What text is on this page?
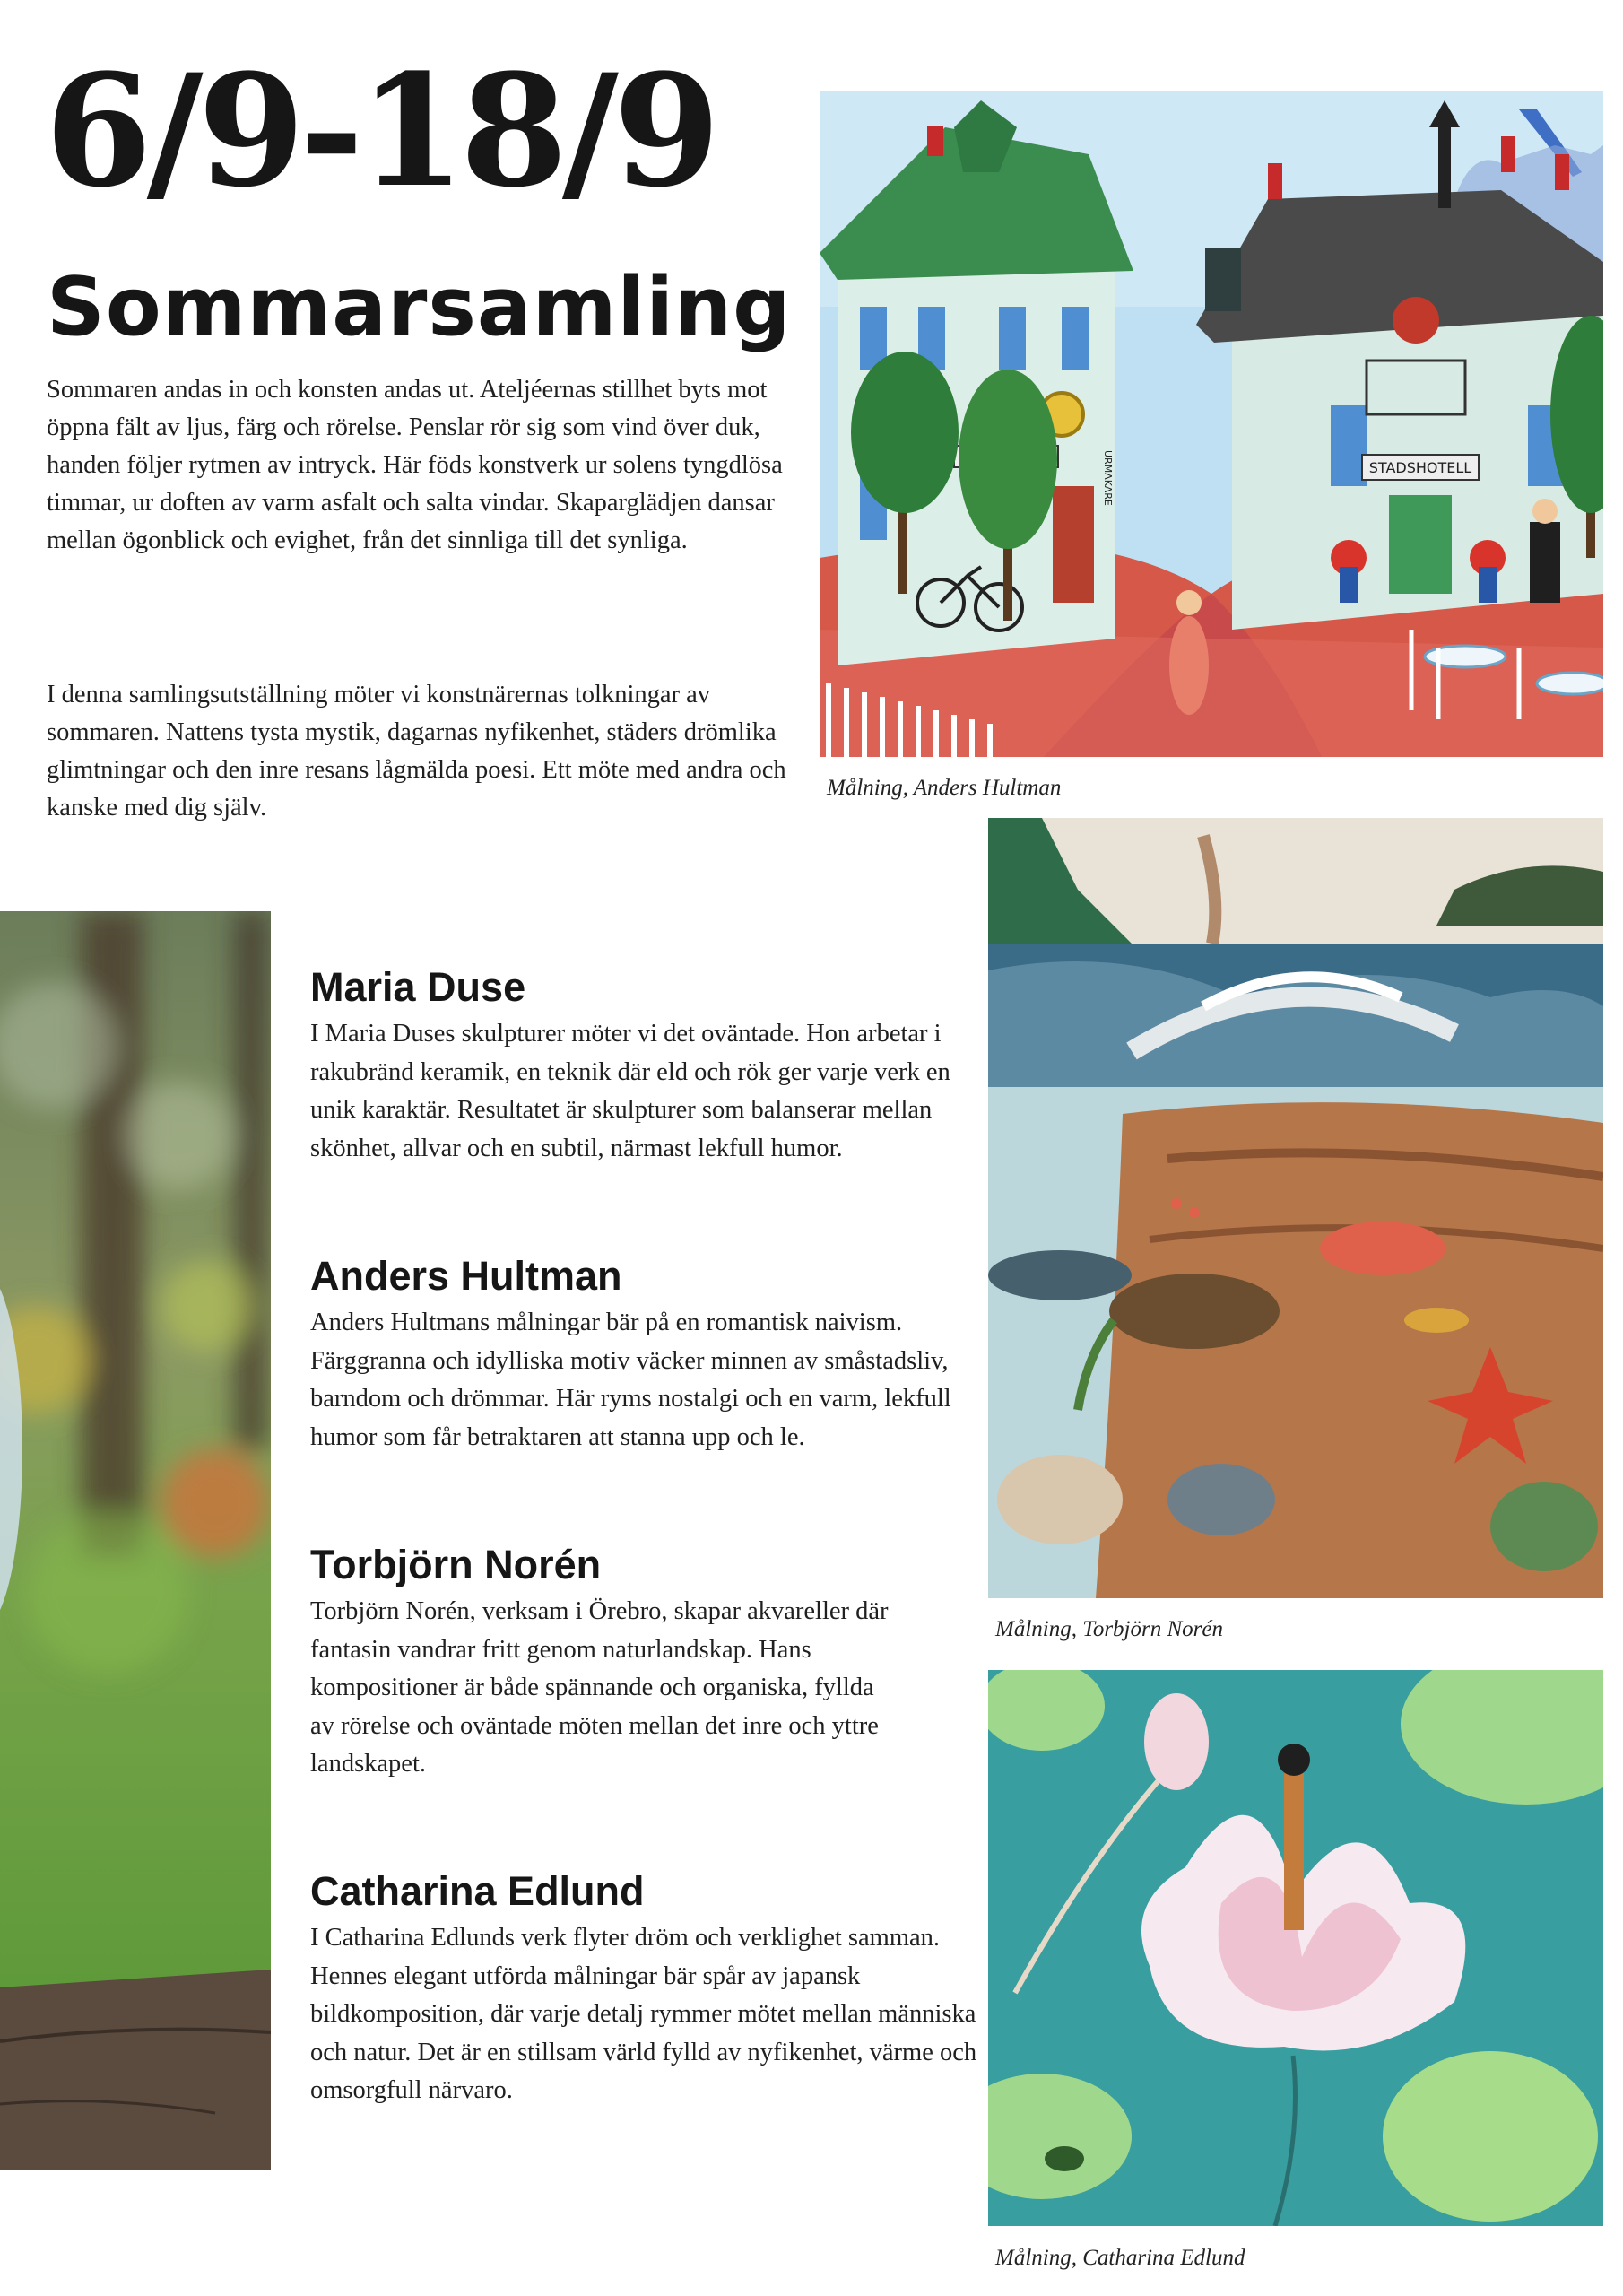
6/9-18/9
Sommarsamling

Sommaren andas in och konsten andas ut. Ateljéernas stillhet byts mot öppna fält av ljus, färg och rörelse. Penslar rör sig som vind över duk, handen följer rytmen av intryck. Här föds konstverk ur solens tyngdlösa timmar, ur doften av varm asfalt och salta vindar. Skaparglädjen dansar mellan ögonblick och evighet, från det sinnliga till det synliga.

I denna samlingsutställning möter vi konstnärernas tolkningar av sommaren. Nattens tysta mystik, dagarnas nyfikenhet, städers drömlika glimtningar och den inre resans lågmälda poesi. Ett möte med andra och kanske med dig själv.

URMAKARE	STADSHOTELL
Målning, Anders Hultman
Målning, Torbjörn Norén
Målning, Catharina Edlund
Maria Duse

I Maria Duses skulpturer möter vi det oväntade. Hon arbetar i rakubränd keramik, en teknik där eld och rök ger varje verk en unik karaktär. Resultatet är skulpturer som balanserar mellan skönhet, allvar och en subtil, närmast lekfull humor.

Anders Hultman

Anders Hultmans målningar bär på en romantisk naivism. Färggranna och idylliska motiv väcker minnen av småstadsliv, barndom och drömmar. Här ryms nostalgi och en varm, lekfull humor som får betraktaren att stanna upp och le.

Torbjörn Norén

Torbjörn Norén, verksam i Örebro, skapar akvareller där fantasin vandrar fritt genom naturlandskap. Hans kompositioner är både spännande och organiska, fyllda av rörelse och oväntade möten mellan det inre och yttre landskapet.

Catharina Edlund

I Catharina Edlunds verk flyter dröm och verklighet samman. Hennes elegant utförda målningar bär spår av japansk bildkomposition, där varje detalj rymmer mötet mellan människa och natur. Det är en stillsam värld fylld av nyfikenhet, värme och omsorgfull närvaro.
